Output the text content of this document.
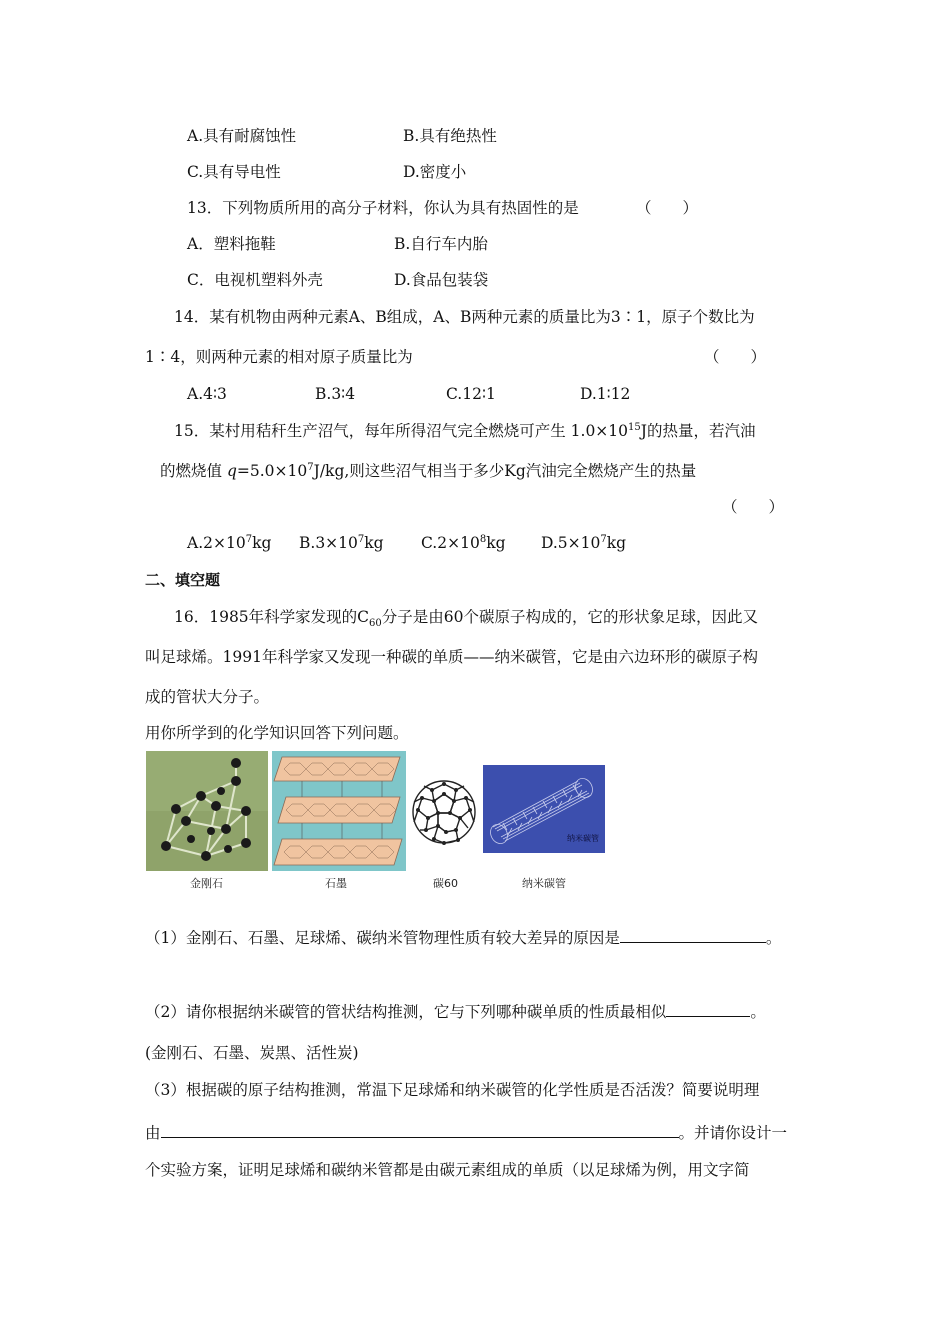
A.具有耐腐蚀性	B.具有绝热性
C.具有导电性	D.密度小
13．下列物质所用的高分子材料，你认为具有热固性的是	（　　）
A．塑料拖鞋	B.自行车内胎
C．电视机塑料外壳	D.食品包装袋
14．某有机物由两种元素A、B组成，A、B两种元素的质量比为3∶1，原子个数比为
1∶4，则两种元素的相对原子质量比为	（　　）
A.4∶3	B.3∶4	C.12∶1	D.1∶12
15．某村用秸秆生产沼气，每年所得沼气完全燃烧可产生 $1.0\times 10^{15}J$的热量，若汽油
的燃烧值 $q=5.0\times 10^7J/kg$,则这些沼气相当于多少Kg汽油完全燃烧产生的热量
（　　）
$A.2\times 10^7kg$ $B.3\times 10^7kg$ $C.2\times 10^8kg$ $D.5\times 10^7kg$
二、填空题
16．1985年科学家发现的$C_{60}$分子是由60个碳原子构成的，它的形状象足球，因此又
叫足球烯。1991年科学家又发现一种碳的单质——纳米碳管，它是由六边环形的碳原子构
成的管状大分子。
用你所学到的化学知识回答下列问题。
金刚石	石墨	碳60
纳米碳管
纳米碳管
（1）金刚石、石墨、足球烯、碳纳米管物理性质有较大差异的原因是	。
（2）请你根据纳米碳管的管状结构推测，它与下列哪种碳单质的性质最相似	。
(金刚石、石墨、炭黑、活性炭)
（3）根据碳的原子结构推测，常温下足球烯和纳米碳管的化学性质是否活泼？简要说明理
由	。并请你设计一
个实验方案，证明足球烯和碳纳米管都是由碳元素组成的单质（以足球烯为例，用文字简
